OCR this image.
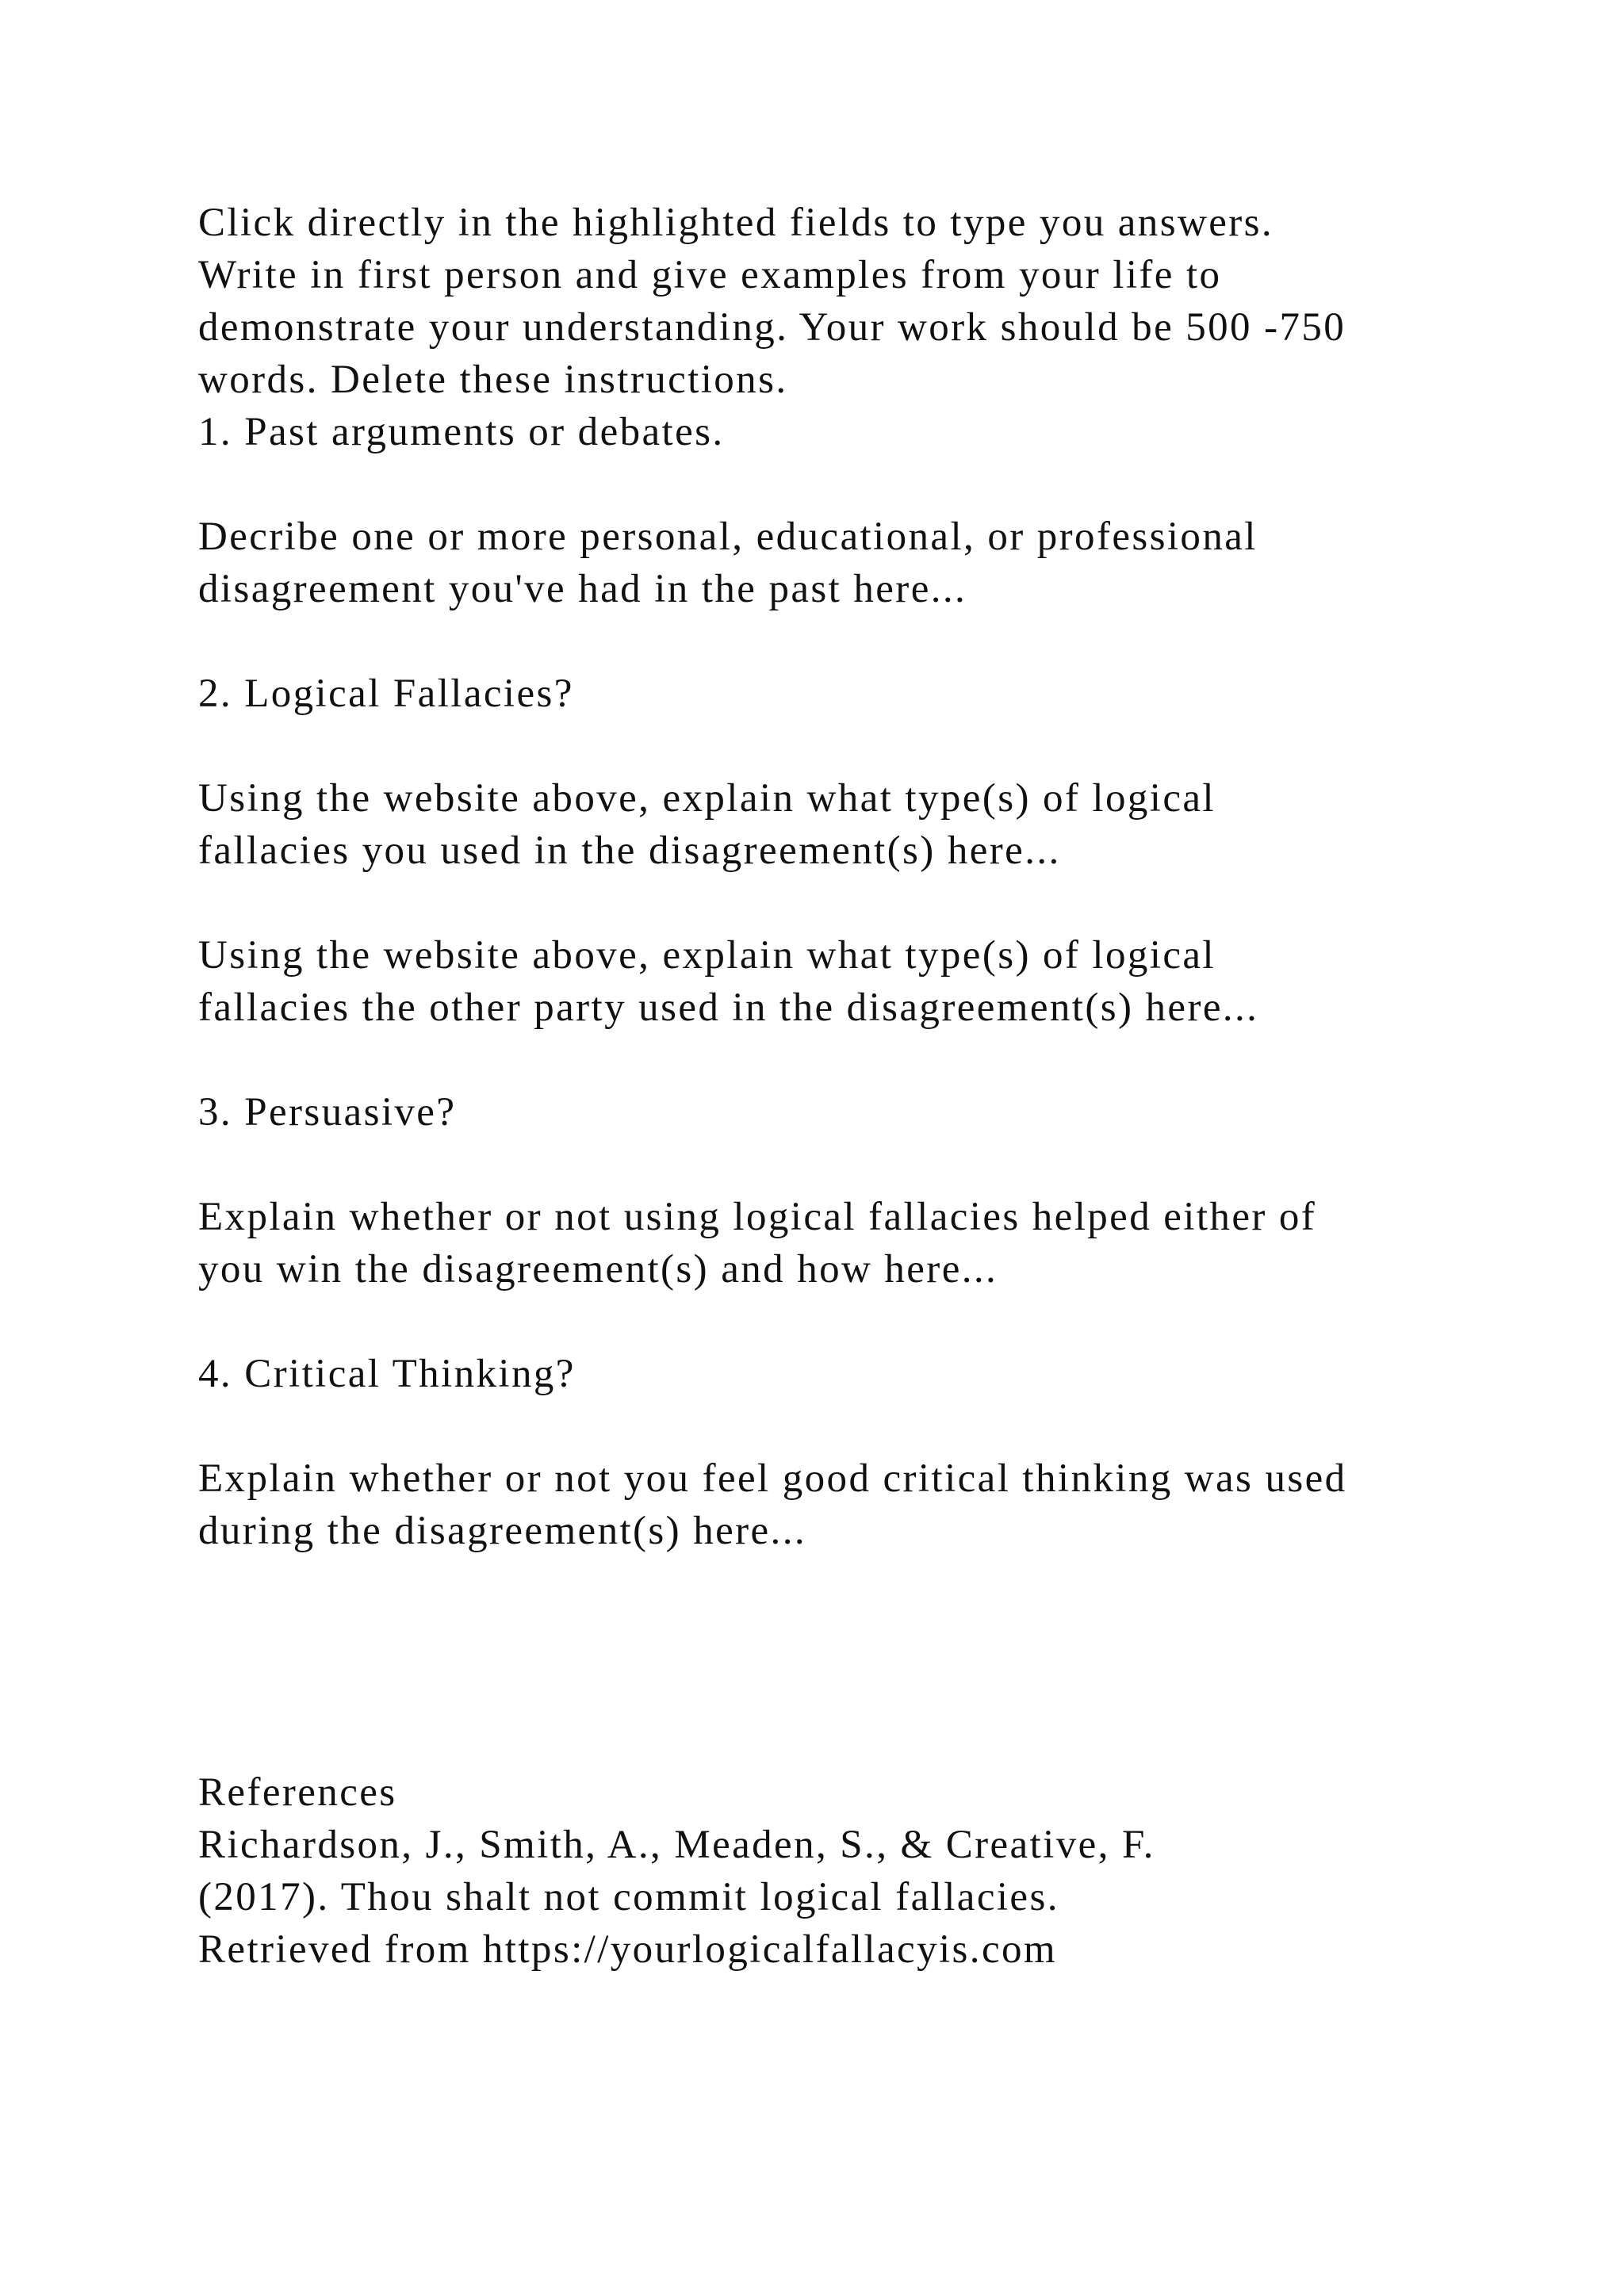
Click directly in the highlighted fields to type you answers.
Write in first person and give examples from your life to
demonstrate your understanding. Your work should be 500 -750
words. Delete these instructions.
1. Past arguments or debates.
Decribe one or more personal, educational, or professional
disagreement you've had in the past here...
2. Logical Fallacies?
Using the website above, explain what type(s) of logical
fallacies you used in the disagreement(s) here...
Using the website above, explain what type(s) of logical
fallacies the other party used in the disagreement(s) here...
3. Persuasive?
Explain whether or not using logical fallacies helped either of
you win the disagreement(s) and how here...
4. Critical Thinking?
Explain whether or not you feel good critical thinking was used
during the disagreement(s) here...
References
Richardson, J., Smith, A., Meaden, S., & Creative, F.
(2017). Thou shalt not commit logical fallacies.
Retrieved from https://yourlogicalfallacyis.com
